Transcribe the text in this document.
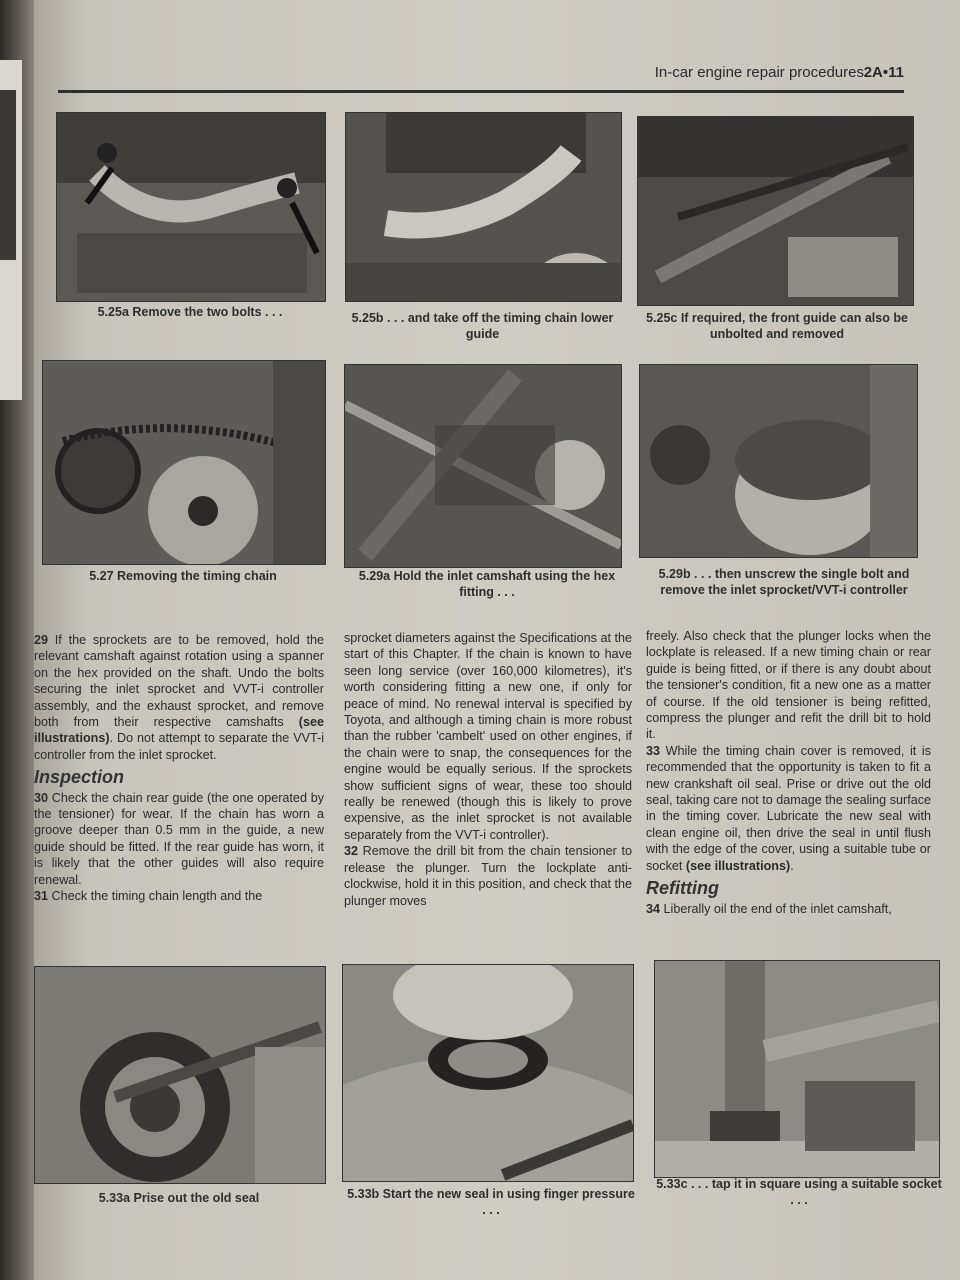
In-car engine repair procedures 2A•11
5.25a Remove the two bolts . . .	5.25b . . . and take off the timing chain lower guide
5.25c If required, the front guide can also be unbolted and removed
5.27 Removing the timing chain	5.29a Hold the inlet camshaft using the hex fitting . . .
5.29b . . . then unscrew the single bolt and remove the inlet sprocket/VVT-i controller

29 If the sprockets are to be removed, hold the relevant camshaft against rotation using a spanner on the hex provided on the shaft. Undo the bolts securing the inlet sprocket and VVT-i controller assembly, and the exhaust sprocket, and remove both from their respective camshafts (see illustrations). Do not attempt to separate the VVT-i controller from the inlet sprocket.

Inspection

30 Check the chain rear guide (the one operated by the tensioner) for wear. If the chain has worn a groove deeper than 0.5 mm in the guide, a new guide should be fitted. If the rear guide has worn, it is likely that the other guides will also require renewal.

31 Check the timing chain length and the

sprocket diameters against the Specifications at the start of this Chapter. If the chain is known to have seen long service (over 160,000 kilometres), it's worth considering fitting a new one, if only for peace of mind. No renewal interval is specified by Toyota, and although a timing chain is more robust than the rubber 'cambelt' used on other engines, if the chain were to snap, the consequences for the engine would be equally serious. If the sprockets show sufficient signs of wear, these too should really be renewed (though this is likely to prove expensive, as the inlet sprocket is not available separately from the VVT-i controller).

32 Remove the drill bit from the chain tensioner to release the plunger. Turn the lockplate anti-clockwise, hold it in this position, and check that the plunger moves

freely. Also check that the plunger locks when the lockplate is released. If a new timing chain or rear guide is being fitted, or if there is any doubt about the tensioner's condition, fit a new one as a matter of course. If the old tensioner is being refitted, compress the plunger and refit the drill bit to hold it.

33 While the timing chain cover is removed, it is recommended that the opportunity is taken to fit a new crankshaft oil seal. Prise or drive out the old seal, taking care not to damage the sealing surface in the timing cover. Lubricate the new seal with clean engine oil, then drive the seal in until flush with the edge of the cover, using a suitable tube or socket (see illustrations).

Refitting

34 Liberally oil the end of the inlet camshaft,

5.33a Prise out the old seal	5.33b Start the new seal in using finger pressure . . .
5.33c . . . tap it in square using a suitable socket . . .
